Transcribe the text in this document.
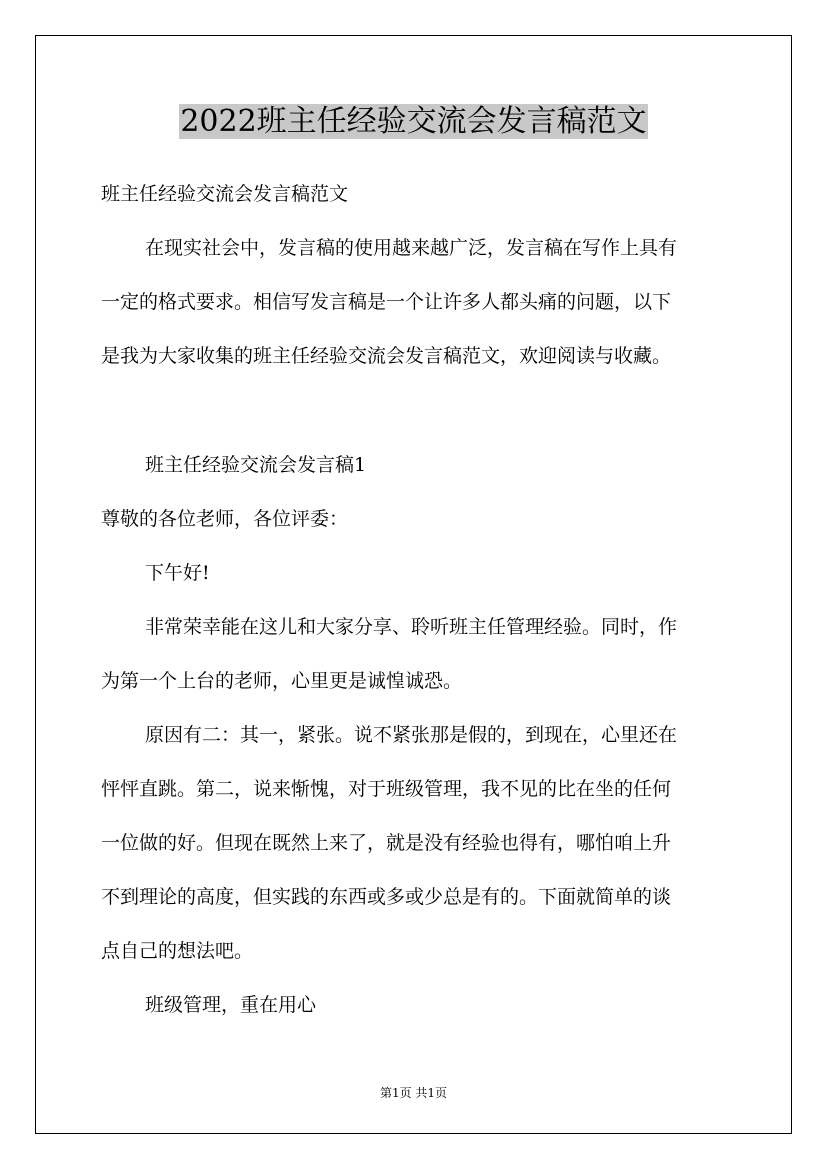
2022班主任经验交流会发言稿范文
班主任经验交流会发言稿范文
在现实社会中，发言稿的使用越来越广泛，发言稿在写作上具有
一定的格式要求。相信写发言稿是一个让许多人都头痛的问题，以下
是我为大家收集的班主任经验交流会发言稿范文，欢迎阅读与收藏。
班主任经验交流会发言稿1
尊敬的各位老师，各位评委：
下午好!
非常荣幸能在这儿和大家分享、聆听班主任管理经验。同时，作
为第一个上台的老师，心里更是诚惶诚恐。
原因有二：其一，紧张。说不紧张那是假的，到现在，心里还在
怦怦直跳。第二，说来惭愧，对于班级管理，我不见的比在坐的任何
一位做的好。但现在既然上来了，就是没有经验也得有，哪怕咱上升
不到理论的高度，但实践的东西或多或少总是有的。下面就简单的谈
点自己的想法吧。
班级管理，重在用心
第1页 共1页
